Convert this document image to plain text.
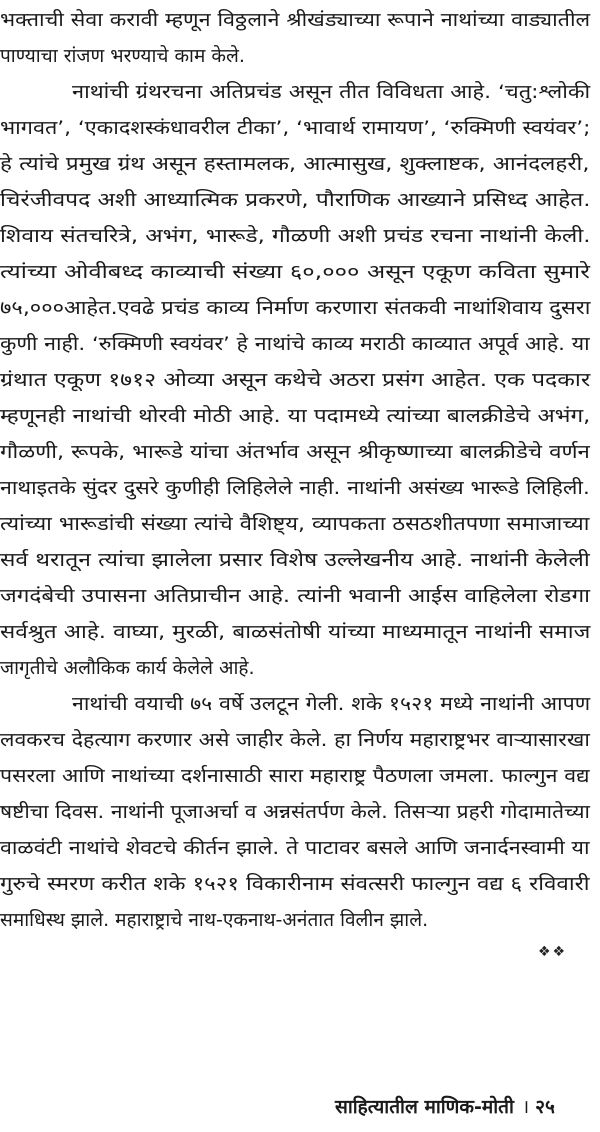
भक्ताची सेवा करावी म्हणून विठ्ठलाने श्रीखंड्याच्या रूपाने नाथांच्या वाड्यातील
पाण्याचा रांजण भरण्याचे काम केले.
नाथांची ग्रंथरचना अतिप्रचंड असून तीत विविधता आहे. ‘चतु:श्लोकी
भागवत’, ‘एकादशस्कंधावरील टीका’, ‘भावार्थ रामायण’, ‘रुक्मिणी स्वयंवर’;
हे त्यांचे प्रमुख ग्रंथ असून हस्तामलक, आत्मासुख, शुक्लाष्टक, आनंदलहरी,
चिरंजीवपद अशी आध्यात्मिक प्रकरणे, पौराणिक आख्याने प्रसिध्द आहेत.
शिवाय संतचरित्रे, अभंग, भारूडे, गौळणी अशी प्रचंड रचना नाथांनी केली.
त्यांच्या ओवीबध्द काव्याची संख्या ६०,००० असून एकूण कविता सुमारे
७५,०००आहेत.एवढे प्रचंड काव्य निर्माण करणारा संतकवी नाथांशिवाय दुसरा
कुणी नाही. ‘रुक्मिणी स्वयंवर’ हे नाथांचे काव्य मराठी काव्यात अपूर्व आहे. या
ग्रंथात एकूण १७१२ ओव्या असून कथेचे अठरा प्रसंग आहेत. एक पदकार
म्हणूनही नाथांची थोरवी मोठी आहे. या पदामध्ये त्यांच्या बालक्रीडेचे अभंग,
गौळणी, रूपके, भारूडे यांचा अंतर्भाव असून श्रीकृष्णाच्या बालक्रीडेचे वर्णन
नाथाइतके सुंदर दुसरे कुणीही लिहिलेले नाही. नाथांनी असंख्य भारूडे लिहिली.
त्यांच्या भारूडांची संख्या त्यांचे वैशिष्ट्य, व्यापकता ठसठशीतपणा समाजाच्या
सर्व थरातून त्यांचा झालेला प्रसार विशेष उल्लेखनीय आहे. नाथांनी केलेली
जगदंबेची उपासना अतिप्राचीन आहे. त्यांनी भवानी आईस वाहिलेला रोडगा
सर्वश्रुत आहे. वाघ्या, मुरळी, बाळसंतोषी यांच्या माध्यमातून नाथांनी समाज
जागृतीचे अलौकिक कार्य केलेले आहे.
नाथांची वयाची ७५ वर्षे उलटून गेली. शके १५२१ मध्ये नाथांनी आपण
लवकरच देहत्याग करणार असे जाहीर केले. हा निर्णय महाराष्ट्रभर वाऱ्यासारखा
पसरला आणि नाथांच्या दर्शनासाठी सारा महाराष्ट्र पैठणला जमला. फाल्गुन वद्य
षष्टीचा दिवस. नाथांनी पूजाअर्चा व अन्नसंतर्पण केले. तिसऱ्या प्रहरी गोदामातेच्या
वाळवंटी नाथांचे शेवटचे कीर्तन झाले. ते पाटावर बसले आणि जनार्दनस्वामी या
गुरुचे स्मरण करीत शके १५२१ विकारीनाम संवत्सरी फाल्गुन वद्य ६ रविवारी
समाधिस्थ झाले. महाराष्ट्राचे नाथ-एकनाथ-अनंतात विलीन झाले.
❖❖
साहित्यातील माणिक-मोती । २५
